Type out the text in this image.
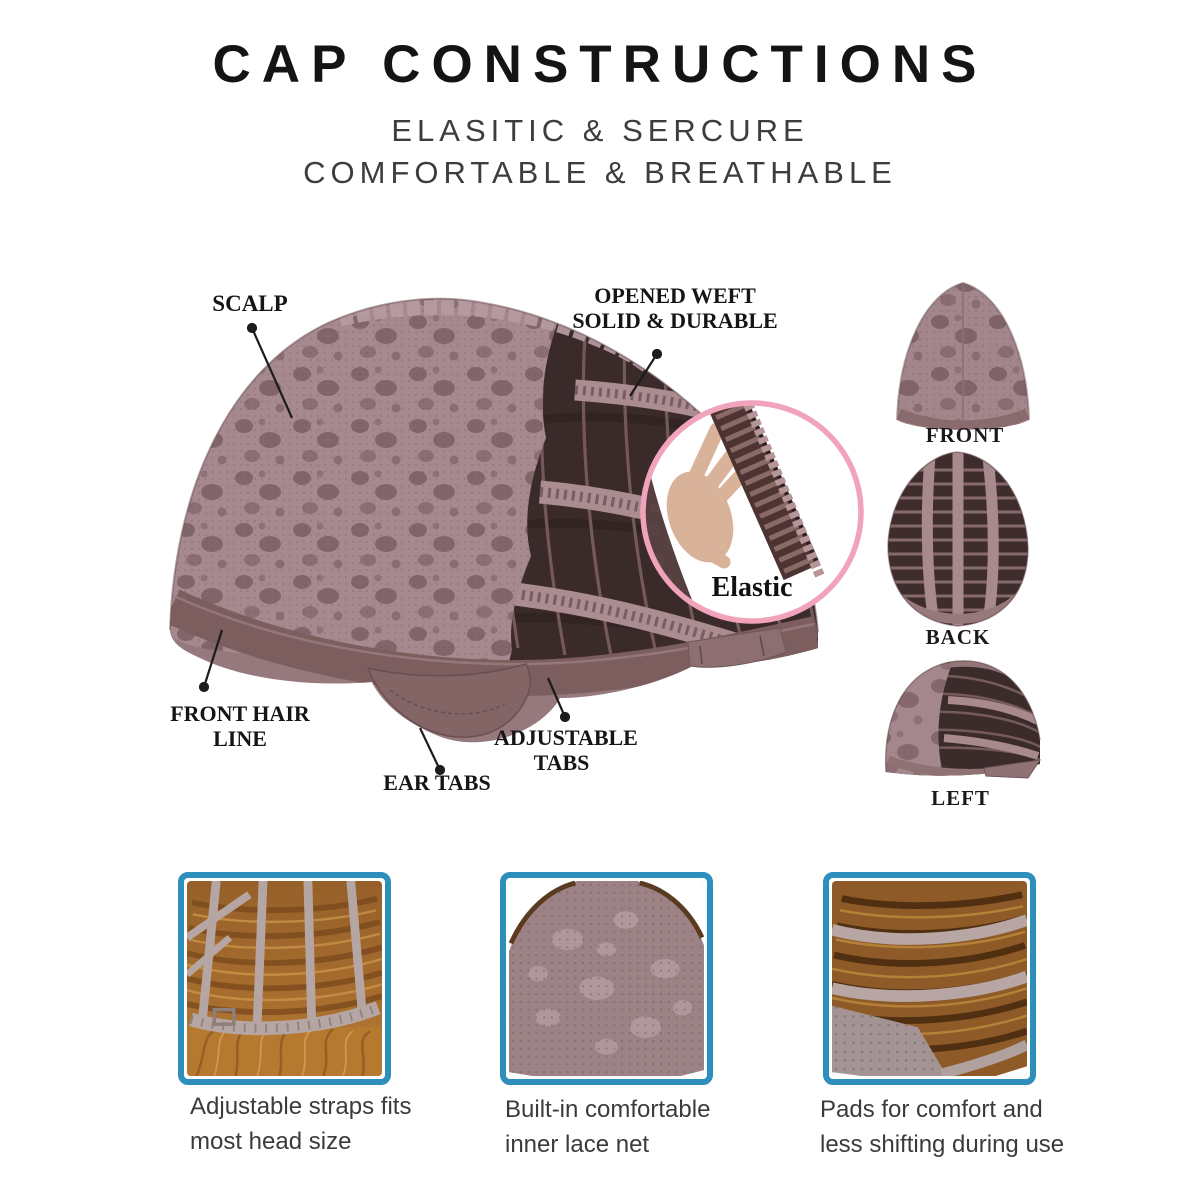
CAP CONSTRUCTIONS
ELASITIC & SERCURE
COMFORTABLE & BREATHABLE
SCALP	OPENED WEFT
SOLID & DURABLE
FRONT HAIR
LINE
EAR TABS
ADJUSTABLE
TABS
Elastic
FRONT
BACK
LEFT
Adjustable straps fits
most head size
Built-in comfortable
inner lace net
Pads for comfort and
less shifting during use
